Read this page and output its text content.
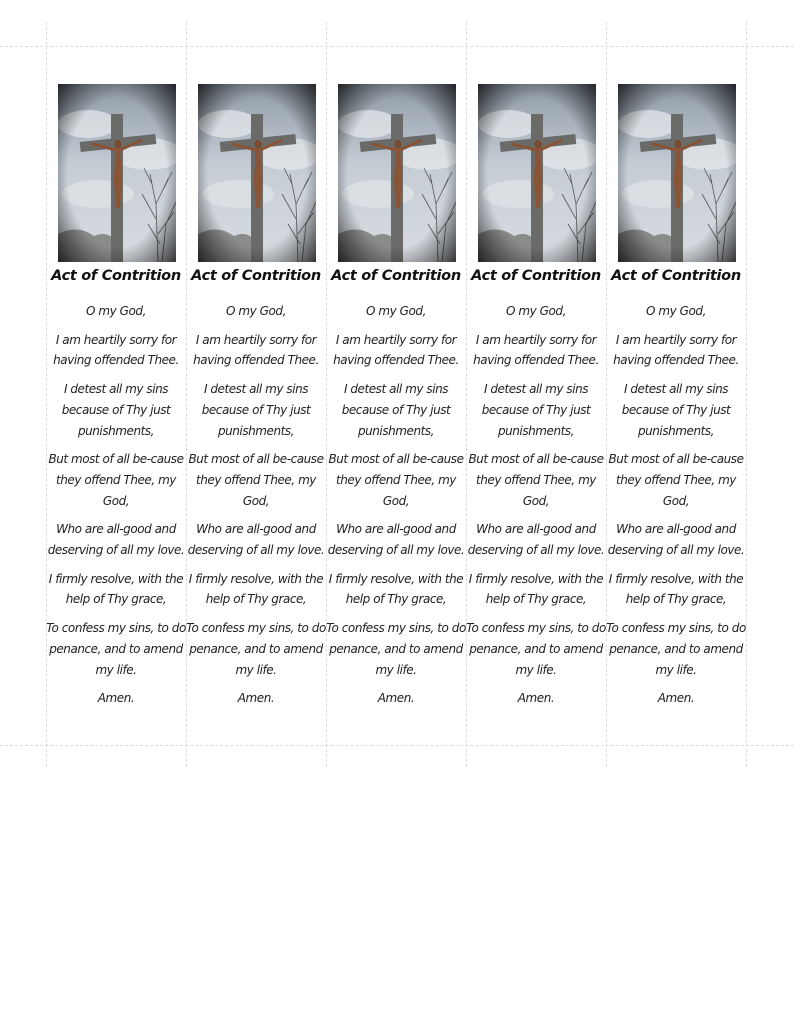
Act of Contrition

O my God,

I am heartily sorry for having offended Thee.

I detest all my sins because of Thy just punishments,

But most of all be-cause they offend Thee, my God,

Who are all-good and deserving of all my love.

I firmly resolve, with the help of Thy grace,

To confess my sins, to do penance, and to amend my life.

Amen.

Act of Contrition

O my God,

I am heartily sorry for having offended Thee.

I detest all my sins because of Thy just punishments,

But most of all be-cause they offend Thee, my God,

Who are all-good and deserving of all my love.

I firmly resolve, with the help of Thy grace,

To confess my sins, to do penance, and to amend my life.

Amen.

Act of Contrition

O my God,

I am heartily sorry for having offended Thee.

I detest all my sins because of Thy just punishments,

But most of all be-cause they offend Thee, my God,

Who are all-good and deserving of all my love.

I firmly resolve, with the help of Thy grace,

To confess my sins, to do penance, and to amend my life.

Amen.

Act of Contrition

O my God,

I am heartily sorry for having offended Thee.

I detest all my sins because of Thy just punishments,

But most of all be-cause they offend Thee, my God,

Who are all-good and deserving of all my love.

I firmly resolve, with the help of Thy grace,

To confess my sins, to do penance, and to amend my life.

Amen.

Act of Contrition

O my God,

I am heartily sorry for having offended Thee.

I detest all my sins because of Thy just punishments,

But most of all be-cause they offend Thee, my God,

Who are all-good and deserving of all my love.

I firmly resolve, with the help of Thy grace,

To confess my sins, to do penance, and to amend my life.

Amen.
